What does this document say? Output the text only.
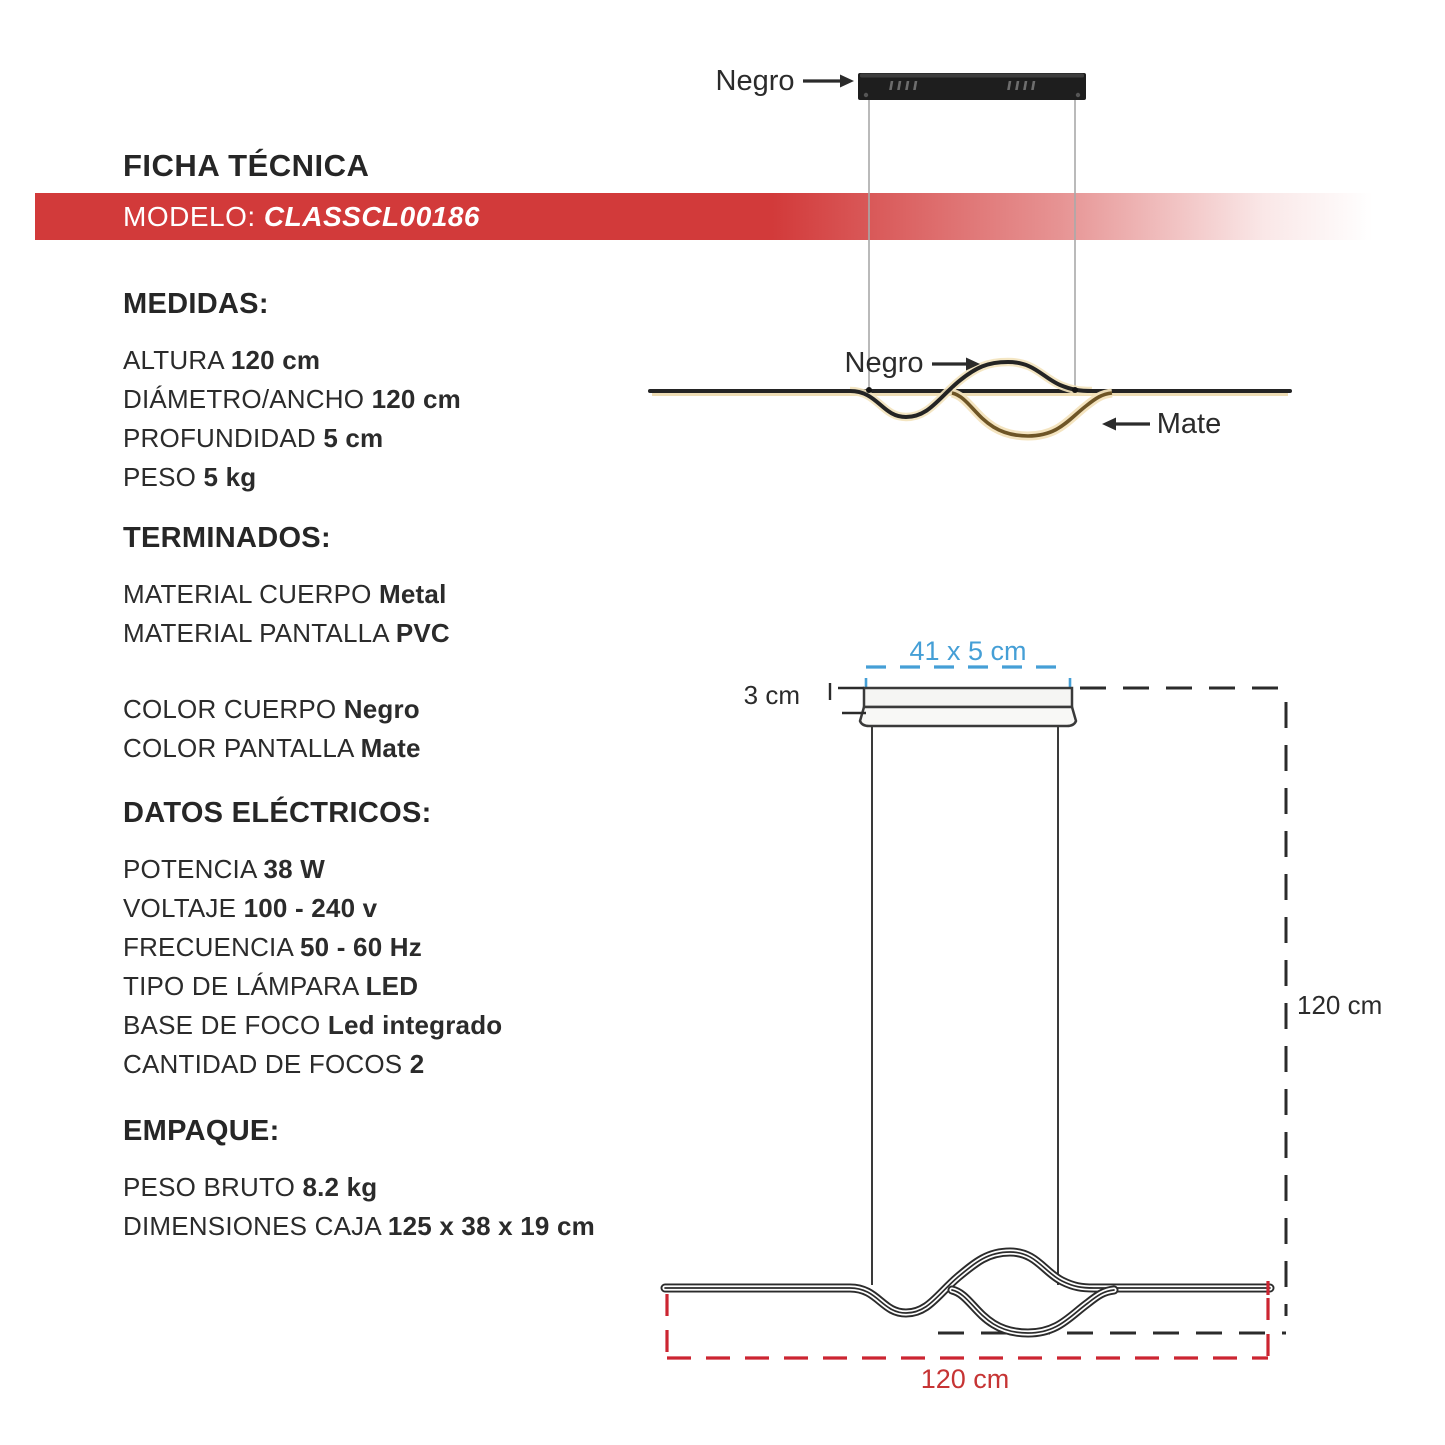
FICHA TÉCNICA
MODELO: CLASSCL00186
MEDIDAS:
ALTURA 120 cm
DIÁMETRO/ANCHO 120 cm
PROFUNDIDAD 5 cm
PESO 5 kg
TERMINADOS:
MATERIAL CUERPO Metal
MATERIAL PANTALLA PVC
COLOR CUERPO Negro
COLOR PANTALLA Mate
DATOS ELÉCTRICOS:
POTENCIA 38 W
VOLTAJE 100 - 240 v
FRECUENCIA 50 - 60 Hz
TIPO DE LÁMPARA LED
BASE DE FOCO Led integrado
CANTIDAD DE FOCOS 2
EMPAQUE:
PESO BRUTO 8.2 kg
DIMENSIONES CAJA 125 x 38 x 19 cm
Negro
Negro
Mate
41 x 5 cm
3 cm
120 cm
120 cm
